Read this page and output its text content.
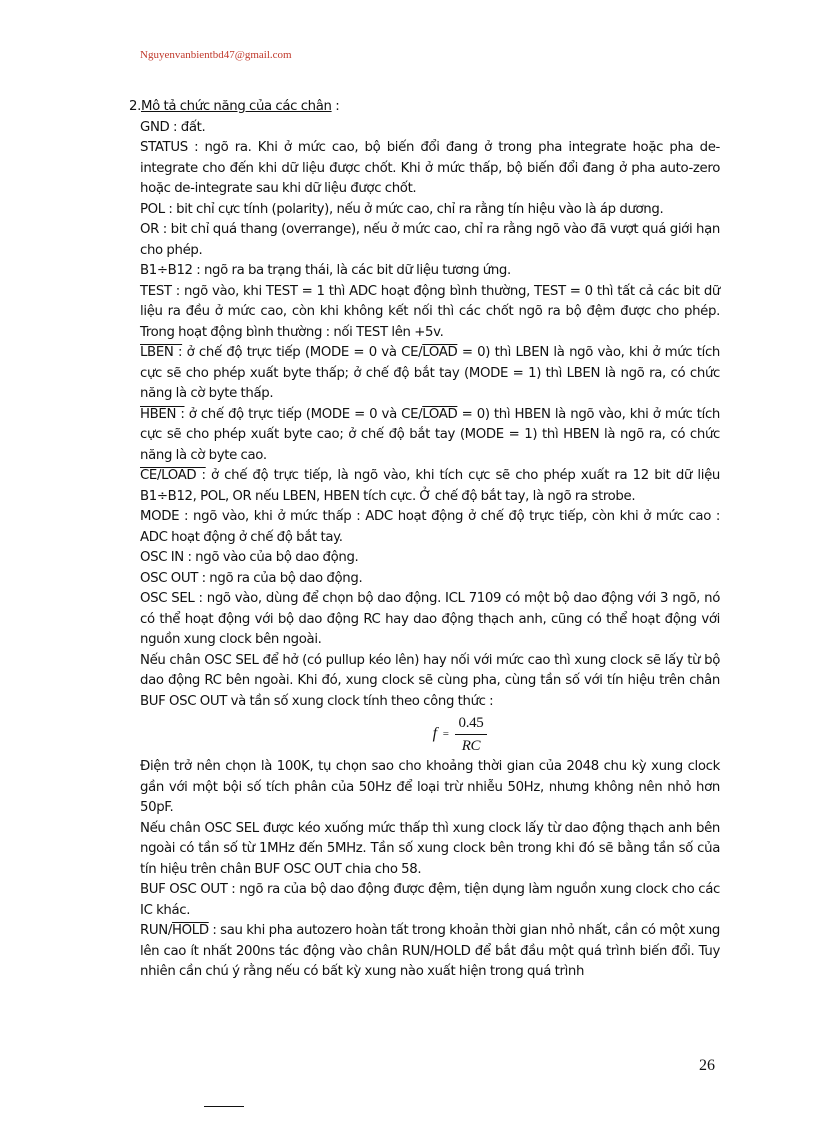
Nguyenvanbientbd47@gmail.com

2.Mô tả chức năng của các chân :

GND : đất.

STATUS : ngõ ra. Khi ở mức cao, bộ biến đổi đang ở trong pha integrate hoặc pha de-integrate cho đến khi dữ liệu được chốt. Khi ở mức thấp, bộ biến đổi đang ở pha auto-zero hoặc de-integrate sau khi dữ liệu được chốt.

POL : bit chỉ cực tính (polarity), nếu ở mức cao, chỉ ra rằng tín hiệu vào là áp dương.

OR : bit chỉ quá thang (overrange), nếu ở mức cao, chỉ ra rằng ngõ vào đã vượt quá giới hạn cho phép.

B1÷B12 : ngõ ra ba trạng thái, là các bit dữ liệu tương ứng.

TEST : ngõ vào, khi TEST = 1 thì ADC hoạt động bình thường, TEST = 0 thì tất cả các bit dữ liệu ra đều ở mức cao, còn khi không kết nối thì các chốt ngõ ra bộ đệm được cho phép. Trong hoạt động bình thường : nối TEST lên +5v.

LBEN : ở chế độ trực tiếp (MODE = 0 và CE/LOAD = 0) thì LBEN là ngõ vào, khi ở mức tích cực sẽ cho phép xuất byte thấp; ở chế độ bắt tay (MODE = 1) thì LBEN là ngõ ra, có chức năng là cờ byte thấp.

HBEN : ở chế độ trực tiếp (MODE = 0 và CE/LOAD = 0) thì HBEN là ngõ vào, khi ở mức tích cực sẽ cho phép xuất byte cao; ở chế độ bắt tay (MODE = 1) thì HBEN là ngõ ra, có chức năng là cờ byte cao.

CE/LOAD : ở chế độ trực tiếp, là ngõ vào, khi tích cực sẽ cho phép xuất ra 12 bit dữ liệu B1÷B12, POL, OR nếu LBEN, HBEN tích cực. Ở chế độ bắt tay, là ngõ ra strobe.

MODE : ngõ vào, khi ở mức thấp : ADC hoạt động ở chế độ trực tiếp, còn khi ở mức cao : ADC hoạt động ở chế độ bắt tay.

OSC IN : ngõ vào của bộ dao động.

OSC OUT : ngõ ra của bộ dao động.

OSC SEL : ngõ vào, dùng để chọn bộ dao động. ICL 7109 có một bộ dao động với 3 ngõ, nó có thể hoạt động với bộ dao động RC hay dao động thạch anh, cũng có thể hoạt động với nguồn xung clock bên ngoài.

Nếu chân OSC SEL để hở (có pullup kéo lên) hay nối với mức cao thì xung clock sẽ lấy từ bộ dao động RC bên ngoài. Khi đó, xung clock sẽ cùng pha, cùng tần số với tín hiệu trên chân BUF OSC OUT và tần số xung clock tính theo công thức :

$f = \frac{0.45}{RC}$

Điện trở nên chọn là 100K, tụ chọn sao cho khoảng thời gian của 2048 chu kỳ xung clock gần với một bội số tích phân của 50Hz để loại trừ nhiễu 50Hz, nhưng không nên nhỏ hơn 50pF.

Nếu chân OSC SEL được kéo xuống mức thấp thì xung clock lấy từ dao động thạch anh bên ngoài có tần số từ 1MHz đến 5MHz. Tần số xung clock bên trong khi đó sẽ bằng tần số của tín hiệu trên chân BUF OSC OUT chia cho 58.

BUF OSC OUT : ngõ ra của bộ dao động được đệm, tiện dụng làm nguồn xung clock cho các IC khác.

RUN/HOLD : sau khi pha autozero hoàn tất trong khoản thời gian nhỏ nhất, cần có một xung lên cao ít nhất 200ns tác động vào chân RUN/HOLD để bắt đầu một quá trình biến đổi. Tuy nhiên cần chú ý rằng nếu có bất kỳ xung nào xuất hiện trong quá trình

26
